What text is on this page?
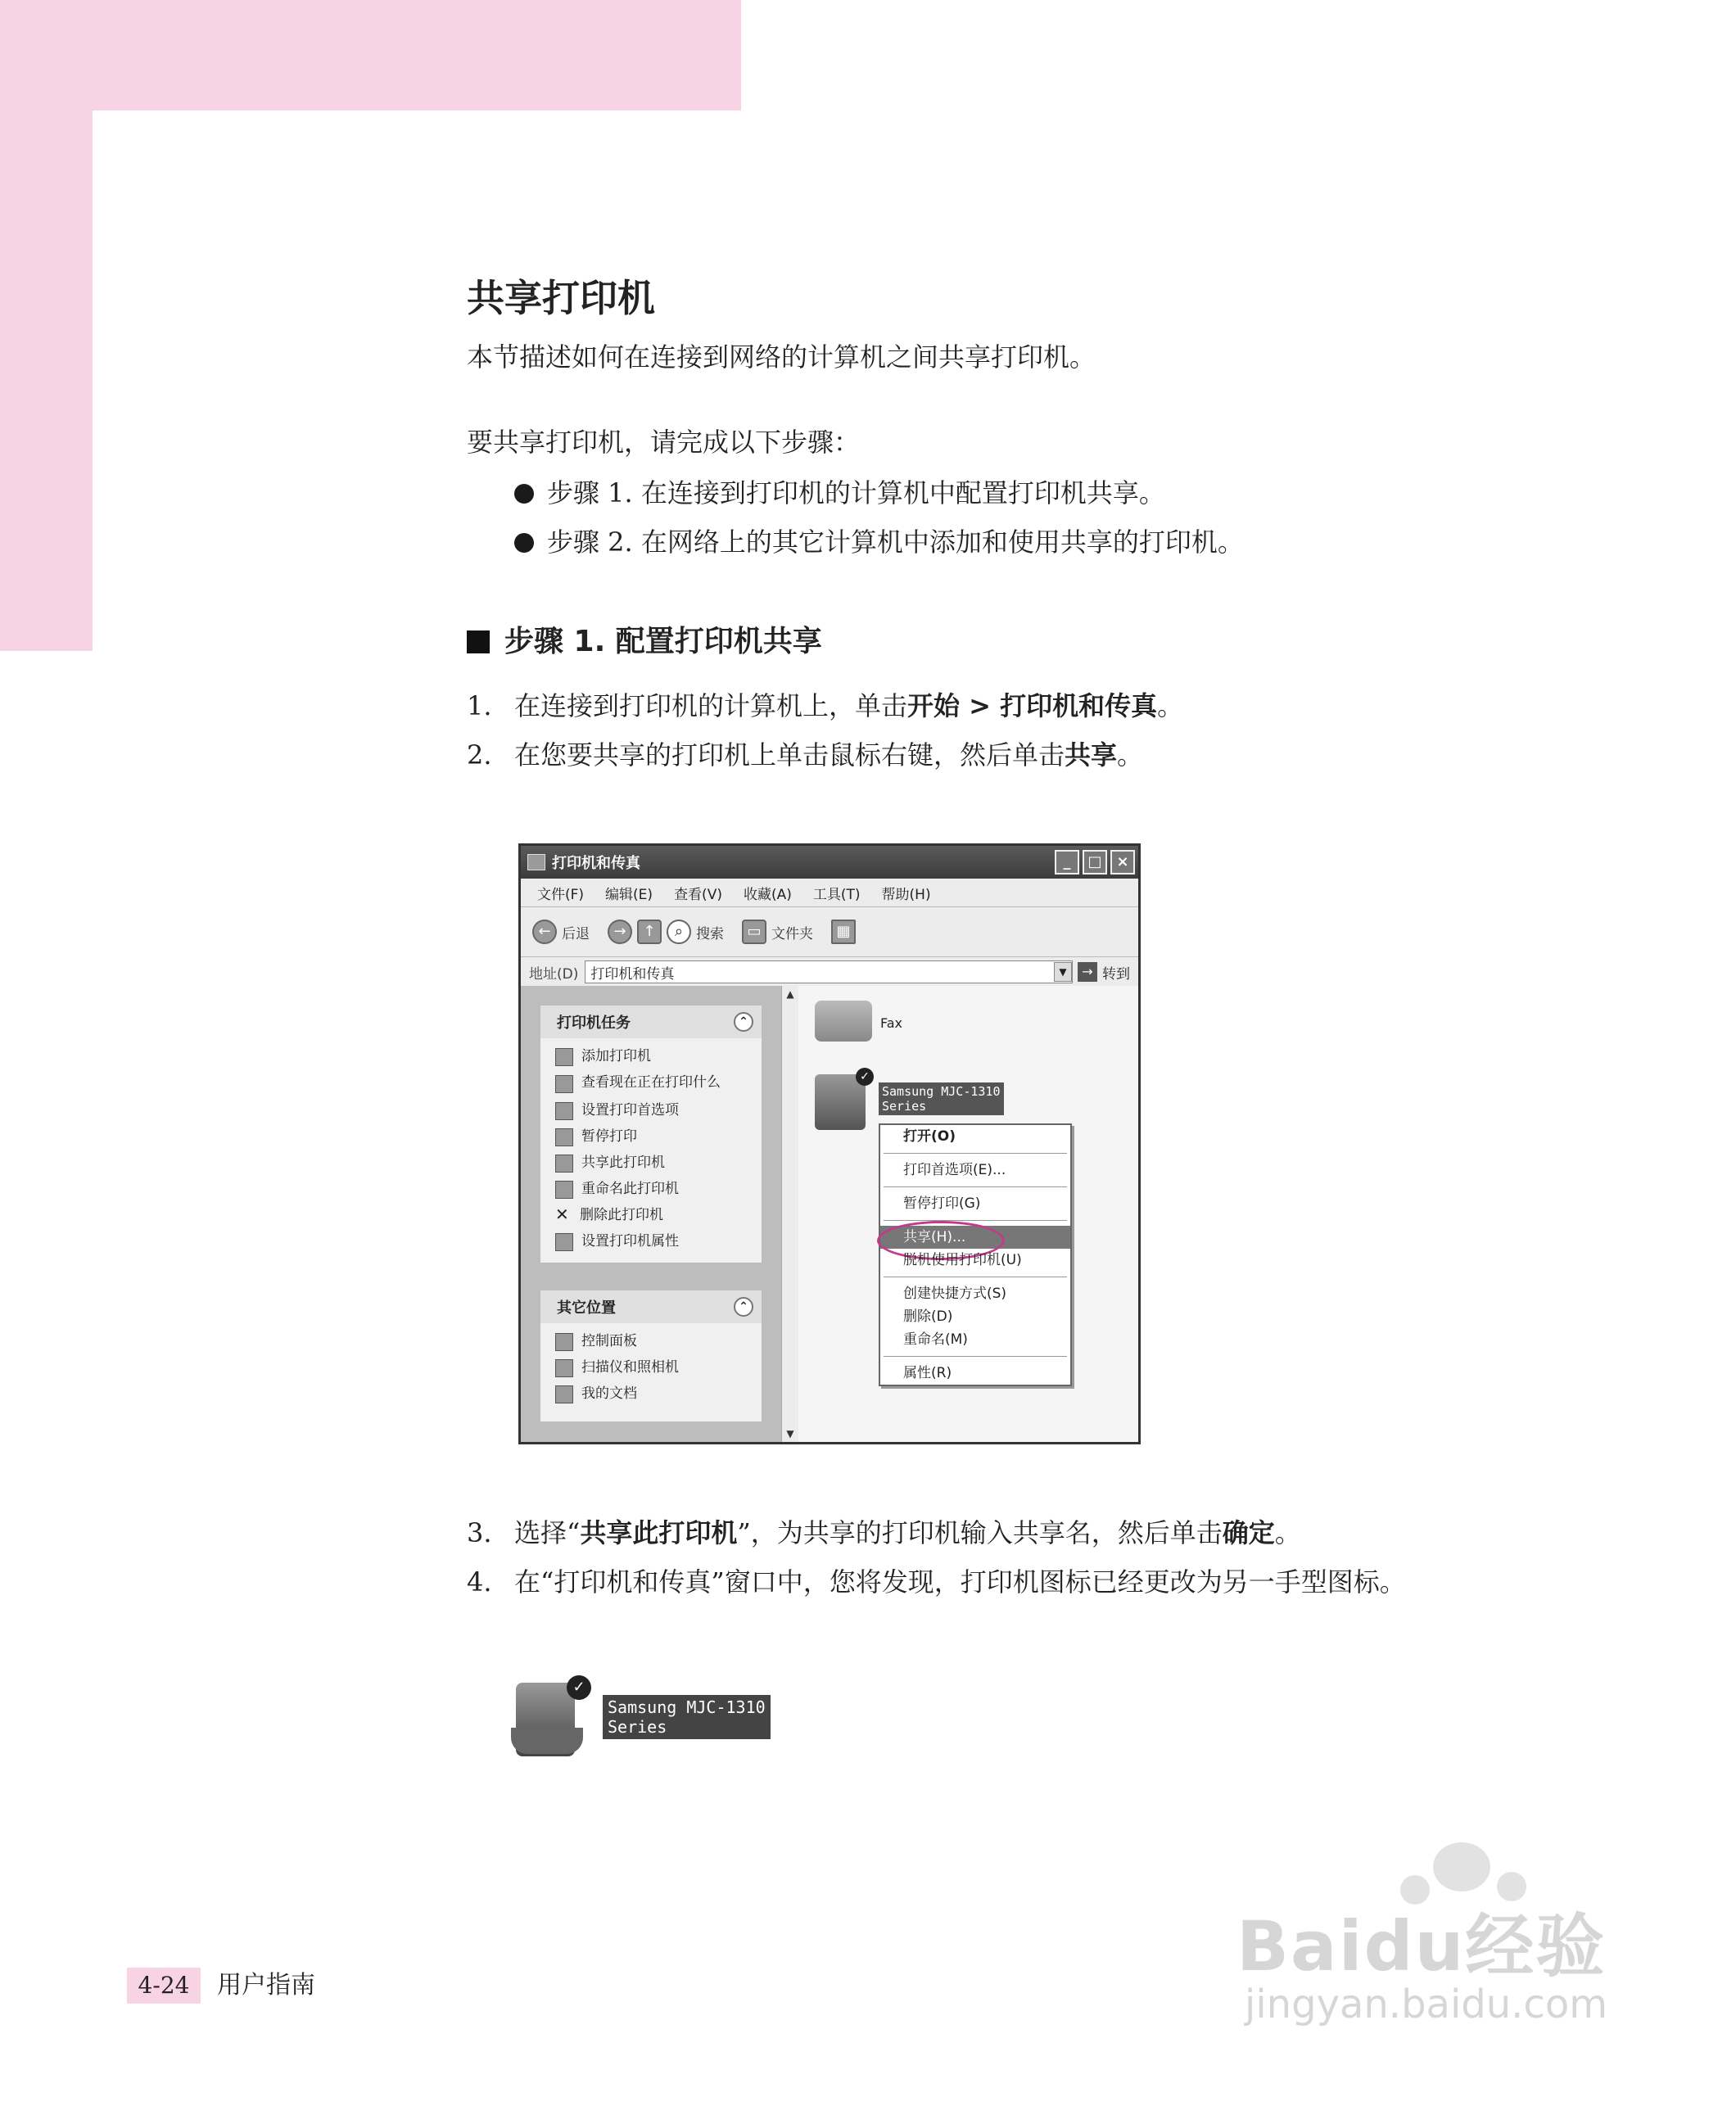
共享打印机

本节描述如何在连接到网络的计算机之间共享打印机。

要共享打印机，请完成以下步骤：

步骤 1. 在连接到打印机的计算机中配置打印机共享。
步骤 2. 在网络上的其它计算机中添加和使用共享的打印机。
步骤 1. 配置打印机共享
1. 在连接到打印机的计算机上，单击开始 > 打印机和传真。
2. 在您要共享的打印机上单击鼠标右键，然后单击共享。
打印机和传真	_	□ ×
文件(F) 编辑(E) 查看(V) 收藏(A) 工具(T) 帮助(H)
← 后退	→	↑	⌕ 搜索	▭ 文件夹	▦
地址(D) 打印机和传真	▼	→ 转到
打印机任务	⌃
添加打印机
查看现在正在打印什么
设置打印首选项
暂停打印
共享此打印机
重命名此打印机
✕ 删除此打印机
设置打印机属性
其它位置	⌃
控制面板
扫描仪和照相机
我的文档
▲
▼
Fax
✓
Samsung MJC-1310
Series
打开(O)
打印首选项(E)...
暂停打印(G)
共享(H)...
脱机使用打印机(U)
创建快捷方式(S)
删除(D)
重命名(M)
属性(R)
3. 选择“共享此打印机”，为共享的打印机输入共享名，然后单击确定。
4. 在“打印机和传真”窗口中，您将发现，打印机图标已经更改为另一手型图标。
✓
Samsung MJC-1310
Series
4-24	用户指南	Baidu经验
jingyan.baidu.com
